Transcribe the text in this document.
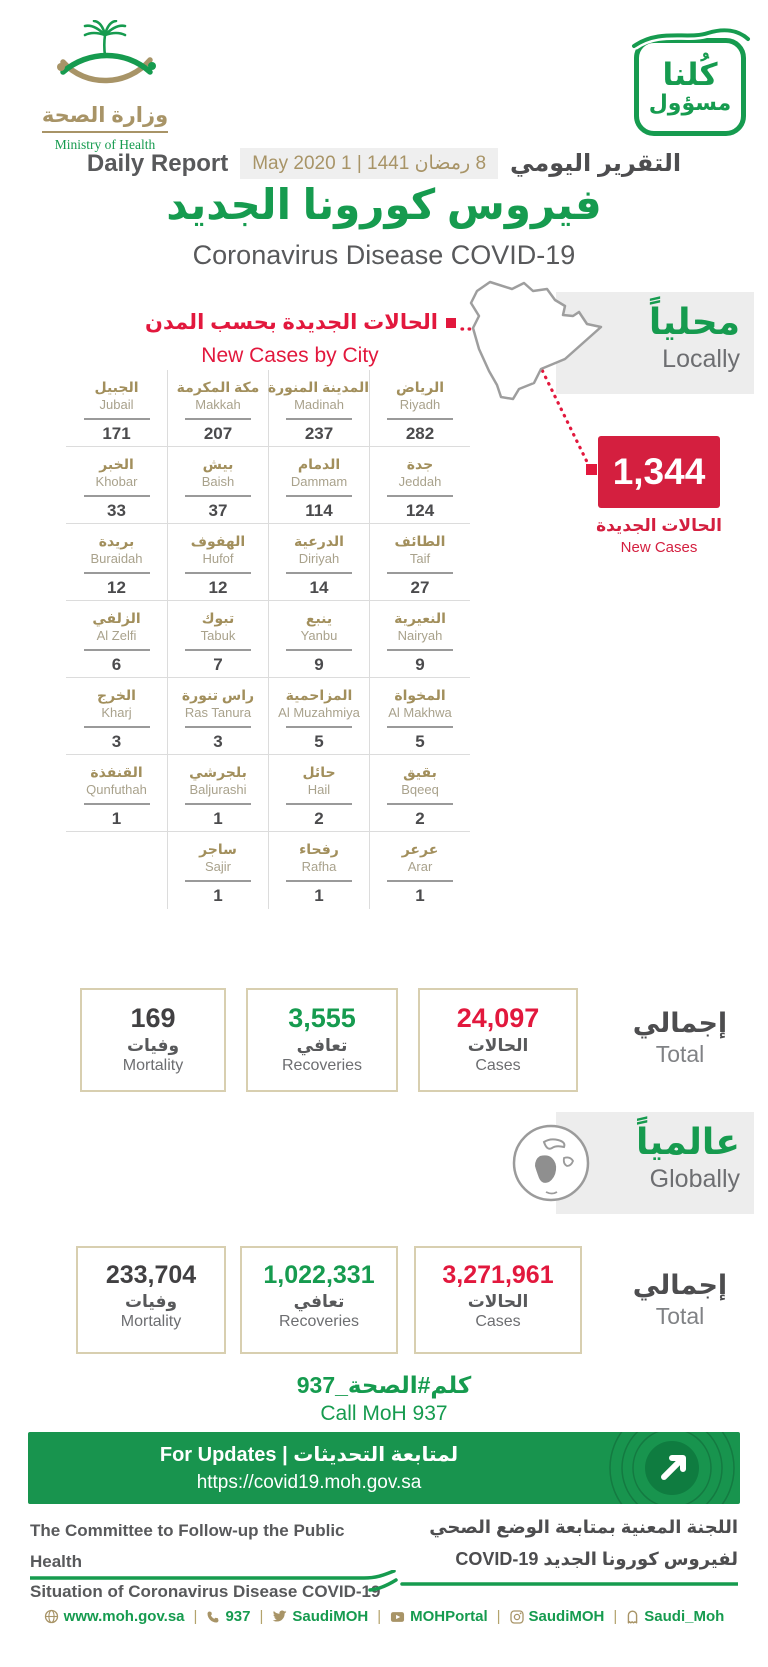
وزارة الصحة
Ministry of Health
كُلنا
مسؤول
Daily Report	8 رمضان 1441 | 1 May 2020	التقرير اليومي
فيروس كورونا الجديد
Coronavirus Disease COVID-19
محلياً
Locally
الحالات الجديدة بحسب المدن
New Cases by City
1,344
الحالات الجديدة
New Cases
الرياض
Riyadh
282
المدينة المنورة
Madinah
237
مكة المكرمة
Makkah
207
الجبيل
Jubail
171
جدة
Jeddah
124
الدمام
Dammam
114
بيش
Baish
37
الخبر
Khobar
33
الطائف
Taif
27
الدرعية
Diriyah
14
الهفوف
Hufof
12
بريدة
Buraidah
12
النعيرية
Nairyah
9
ينبع
Yanbu
9
تبوك
Tabuk
7
الزلفي
Al Zelfi
6
المخواة
Al Makhwa
5
المزاحمية
Al Muzahmiya
5
راس تنورة
Ras Tanura
3
الخرج
Kharj
3
بقيق
Bqeeq
2
حائل
Hail
2
بلجرشي
Baljurashi
1
القنفذة
Qunfuthah
1
عرعر
Arar
1
رفحاء
Rafha
1
ساجر
Sajir
1
24,097
الحالات
Cases
3,555
تعافي
Recoveries
169
وفيات
Mortality
إجمالي
Total
عالمياً
Globally
3,271,961
الحالات
Cases
1,022,331
تعافي
Recoveries
233,704
وفيات
Mortality
إجمالي
Total
كلم#الصحة_937
Call MoH 937
لمتابعة التحديثات | For Updates
https://covid19.moh.gov.sa
The Committee to Follow-up the Public Health
Situation of Coronavirus Disease COVID-19
اللجنة المعنية بمتابعة الوضع الصحي
لفيروس كورونا الجديد COVID-19
www.moh.gov.sa | 937 | SaudiMOH | MOHPortal | SaudiMOH | Saudi_Moh
